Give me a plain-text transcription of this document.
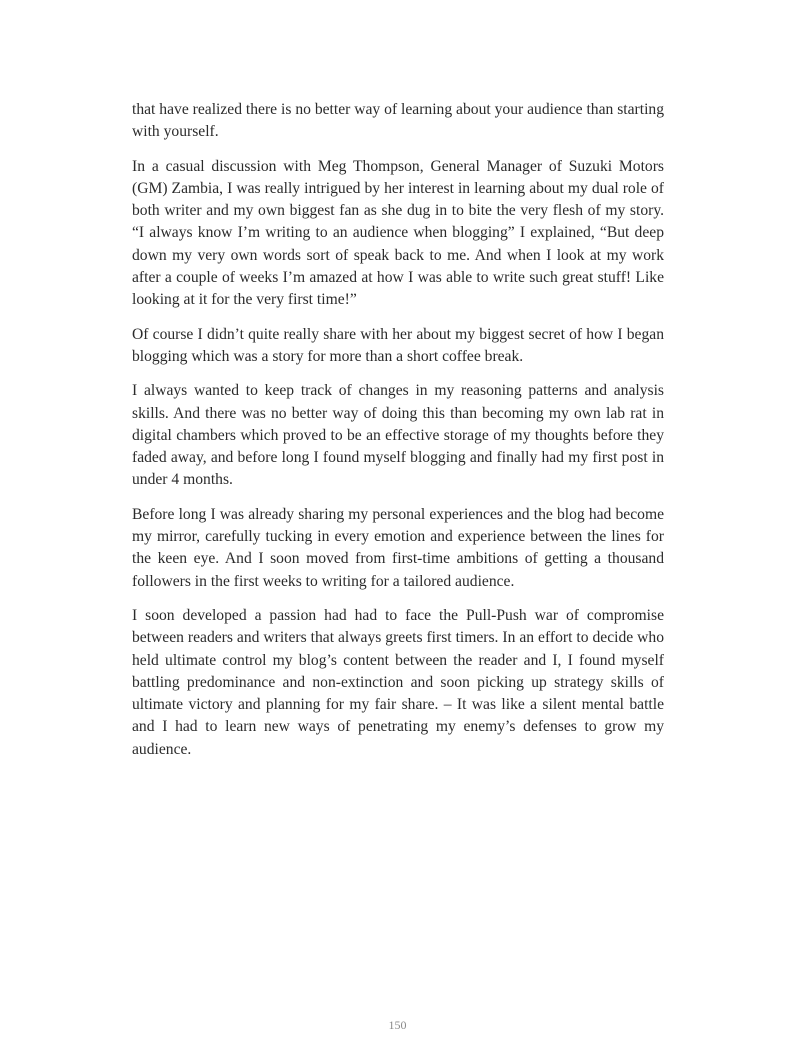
that have realized there is no better way of learning about your audience than starting with yourself.

In a casual discussion with Meg Thompson, General Manager of Suzuki Motors (GM) Zambia, I was really intrigued by her interest in learning about my dual role of both writer and my own biggest fan as she dug in to bite the very flesh of my story. “I always know I’m writing to an audience when blogging” I explained, “But deep down my very own words sort of speak back to me. And when I look at my work after a couple of weeks I’m amazed at how I was able to write such great stuff! Like looking at it for the very first time!”

Of course I didn’t quite really share with her about my biggest secret of how I began blogging which was a story for more than a short coffee break.

I always wanted to keep track of changes in my reasoning patterns and analysis skills. And there was no better way of doing this than becoming my own lab rat in digital chambers which proved to be an effective storage of my thoughts before they faded away, and before long I found myself blogging and finally had my first post in under 4 months.

Before long I was already sharing my personal experiences and the blog had become my mirror, carefully tucking in every emotion and experience between the lines for the keen eye. And I soon moved from first-time ambitions of getting a thousand followers in the first weeks to writing for a tailored audience.

I soon developed a passion had had to face the Pull-Push war of compromise between readers and writers that always greets first timers. In an effort to decide who held ultimate control my blog’s content between the reader and I, I found myself battling predominance and non-extinction and soon picking up strategy skills of ultimate victory and planning for my fair share. – It was like a silent mental battle and I had to learn new ways of penetrating my enemy’s defenses to grow my audience.

150
